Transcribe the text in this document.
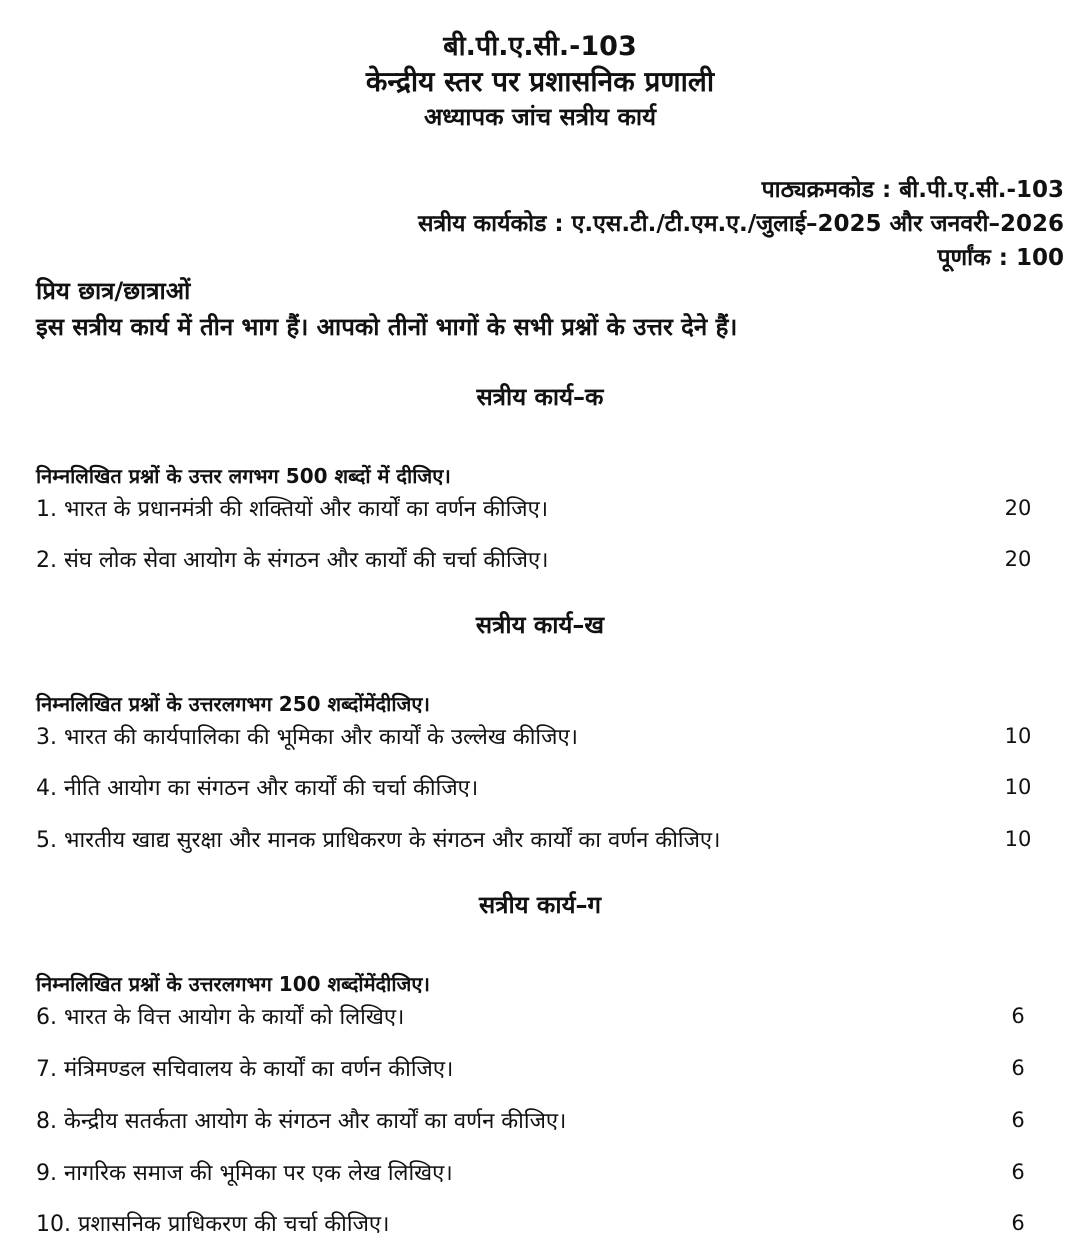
बी.पी.ए.सी.-103
केन्द्रीय स्तर पर प्रशासनिक प्रणाली
अध्यापक जांच सत्रीय कार्य
पाठ्यक्रमकोड : बी.पी.ए.सी.-103
सत्रीय कार्यकोड : ए.एस.टी./टी.एम.ए./जुलाई–2025 और जनवरी–2026
पूर्णांक : 100
प्रिय छात्र/छात्राओं
इस सत्रीय कार्य में तीन भाग हैं। आपको तीनों भागों के सभी प्रश्नों के उत्तर देने हैं।
सत्रीय कार्य–क
निम्नलिखित प्रश्नों के उत्तर लगभग 500 शब्दों में दीजिए।
1. भारत के प्रधानमंत्री की शक्तियों और कार्यों का वर्णन कीजिए।	20
2. संघ लोक सेवा आयोग के संगठन और कार्यों की चर्चा कीजिए।	20
सत्रीय कार्य–ख
निम्नलिखित प्रश्नों के उत्तरलगभग 250 शब्दोंमेंदीजिए।
3. भारत की कार्यपालिका की भूमिका और कार्यों के उल्लेख कीजिए।	10
4. नीति आयोग का संगठन और कार्यों की चर्चा कीजिए।	10
5. भारतीय खाद्य सुरक्षा और मानक प्राधिकरण के संगठन और कार्यों का वर्णन कीजिए।	10
सत्रीय कार्य–ग
निम्नलिखित प्रश्नों के उत्तरलगभग 100 शब्दोंमेंदीजिए।
6. भारत के वित्त आयोग के कार्यों को लिखिए।	6
7. मंत्रिमण्डल सचिवालय के कार्यों का वर्णन कीजिए।	6
8. केन्द्रीय सतर्कता आयोग के संगठन और कार्यों का वर्णन कीजिए।	6
9. नागरिक समाज की भूमिका पर एक लेख लिखिए।	6
10. प्रशासनिक प्राधिकरण की चर्चा कीजिए।	6
